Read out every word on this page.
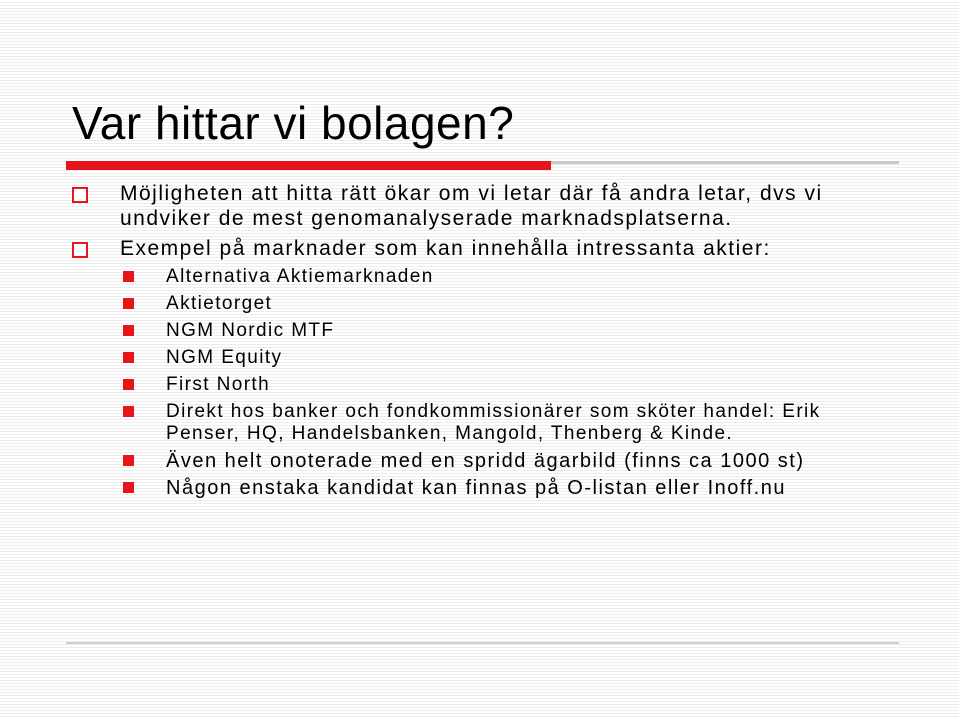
Var hittar vi bolagen?
Möjligheten att hitta rätt ökar om vi letar där få andra letar, dvs vi undviker de mest genomanalyserade marknadsplatserna.
Exempel på marknader som kan innehålla intressanta aktier:
Alternativa Aktiemarknaden
Aktietorget
NGM Nordic MTF
NGM Equity
First North
Direkt hos banker och fondkommissionärer som sköter handel: Erik Penser, HQ, Handelsbanken, Mangold, Thenberg & Kinde.
Även helt onoterade med en spridd ägarbild (finns ca 1000 st)
Någon enstaka kandidat kan finnas på O-listan eller Inoff.nu
